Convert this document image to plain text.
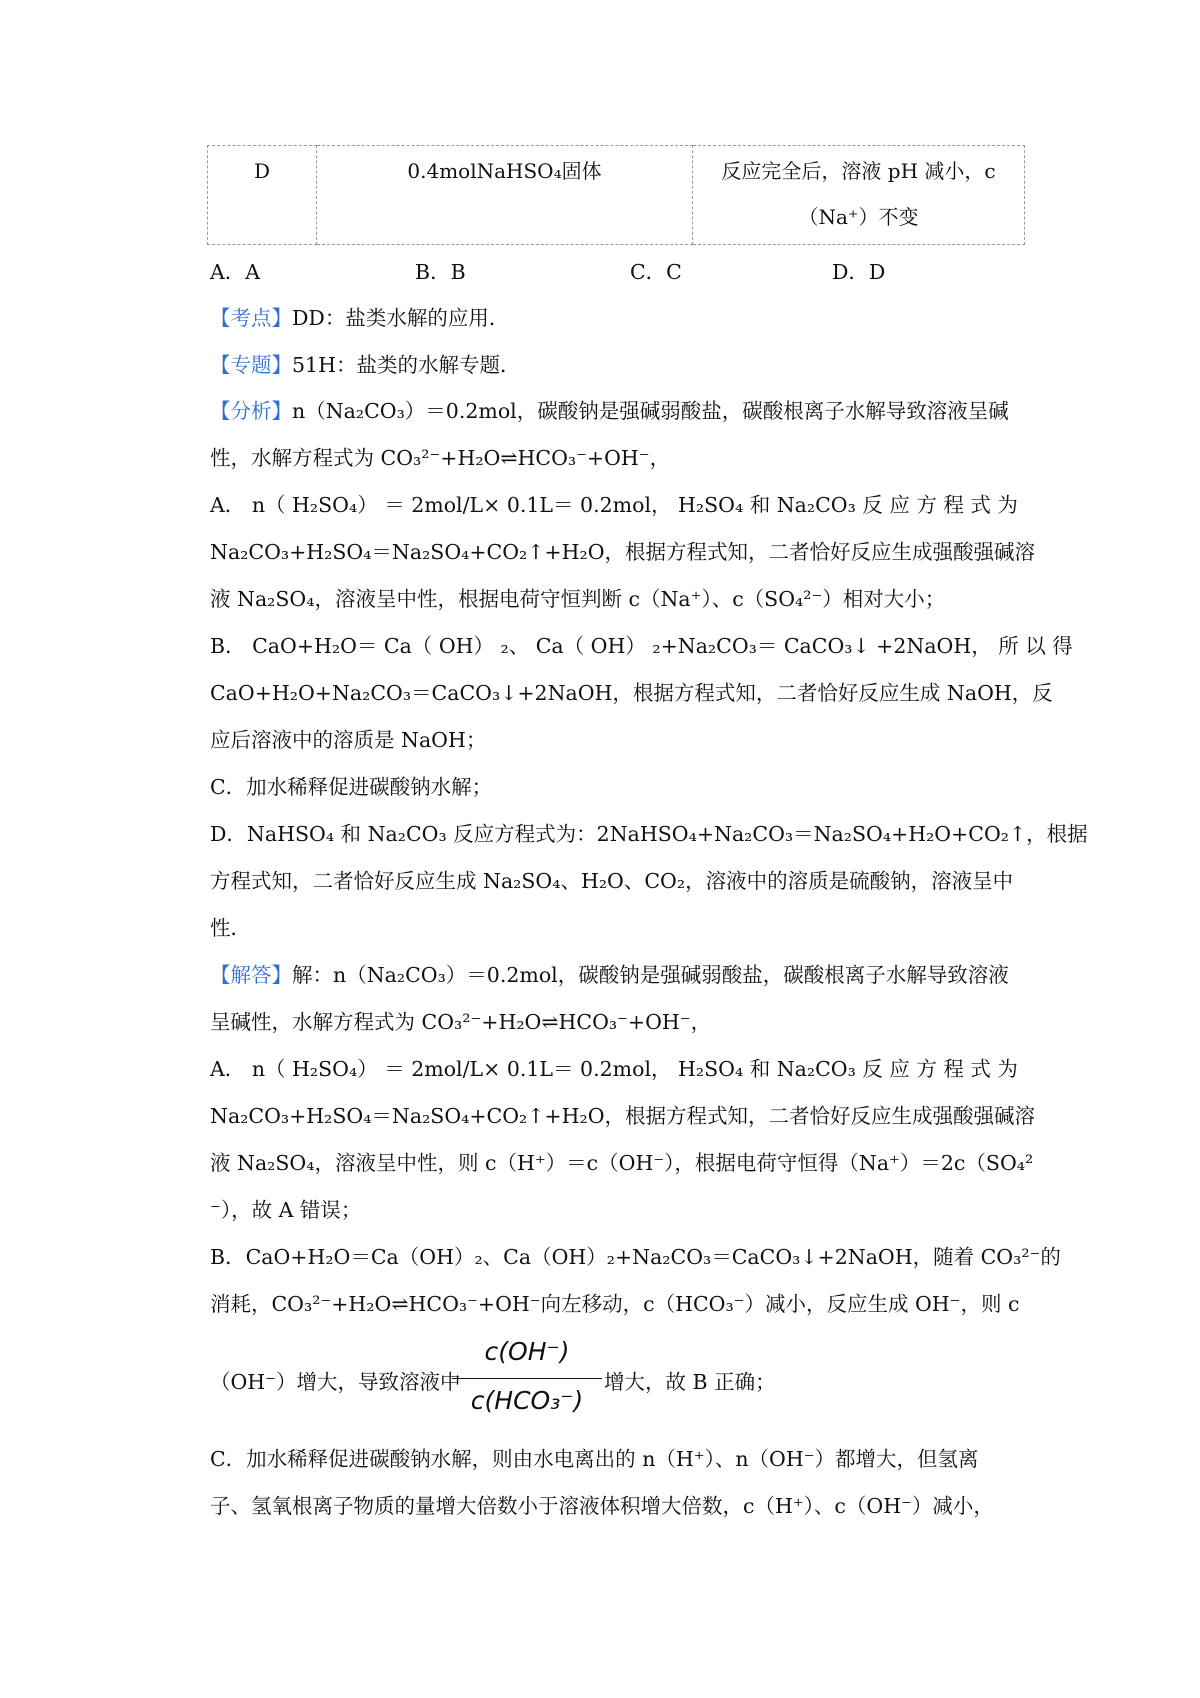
D	0.4molNaHSO₄固体	反应完全后，溶液 pH 减小，c
（Na⁺）不变
A．A	B．B	C．C	D．D
【考点】DD：盐类水解的应用．
【专题】51H：盐类的水解专题．
【分析】n（Na₂CO₃）＝0.2mol，碳酸钠是强碱弱酸盐，碳酸根离子水解导致溶液呈碱
性，水解方程式为 CO₃²⁻+H₂O⇌HCO₃⁻+OH⁻，
A． n（ H₂SO₄） ＝ 2mol/L× 0.1L＝ 0.2mol， H₂SO₄ 和 Na₂CO₃ 反 应 方 程 式 为
Na₂CO₃+H₂SO₄＝Na₂SO₄+CO₂↑+H₂O，根据方程式知，二者恰好反应生成强酸强碱溶
液 Na₂SO₄，溶液呈中性，根据电荷守恒判断 c（Na⁺）、c（SO₄²⁻）相对大小；
B． CaO+H₂O＝ Ca（ OH） ₂、 Ca（ OH） ₂+Na₂CO₃＝ CaCO₃↓ +2NaOH， 所 以 得
CaO+H₂O+Na₂CO₃＝CaCO₃↓+2NaOH，根据方程式知，二者恰好反应生成 NaOH，反
应后溶液中的溶质是 NaOH；
C．加水稀释促进碳酸钠水解；
D．NaHSO₄ 和 Na₂CO₃ 反应方程式为：2NaHSO₄+Na₂CO₃＝Na₂SO₄+H₂O+CO₂↑，根据
方程式知，二者恰好反应生成 Na₂SO₄、H₂O、CO₂，溶液中的溶质是硫酸钠，溶液呈中
性．
【解答】解：n（Na₂CO₃）＝0.2mol，碳酸钠是强碱弱酸盐，碳酸根离子水解导致溶液
呈碱性，水解方程式为 CO₃²⁻+H₂O⇌HCO₃⁻+OH⁻，
A． n（ H₂SO₄） ＝ 2mol/L× 0.1L＝ 0.2mol， H₂SO₄ 和 Na₂CO₃ 反 应 方 程 式 为
Na₂CO₃+H₂SO₄＝Na₂SO₄+CO₂↑+H₂O，根据方程式知，二者恰好反应生成强酸强碱溶
液 Na₂SO₄，溶液呈中性，则 c（H⁺）＝c（OH⁻），根据电荷守恒得（Na⁺）＝2c（SO₄²
⁻），故 A 错误；
B．CaO+H₂O＝Ca（OH）₂、Ca（OH）₂+Na₂CO₃＝CaCO₃↓+2NaOH，随着 CO₃²⁻的
消耗，CO₃²⁻+H₂O⇌HCO₃⁻+OH⁻向左移动，c（HCO₃⁻）减小，反应生成 OH⁻，则 c
（OH⁻）增大，导致溶液中
c(OH⁻)
c(HCO₃⁻)
增大，故 B 正确；
C．加水稀释促进碳酸钠水解，则由水电离出的 n（H⁺）、n（OH⁻）都增大，但氢离
子、氢氧根离子物质的量增大倍数小于溶液体积增大倍数，c（H⁺）、c（OH⁻）减小，
